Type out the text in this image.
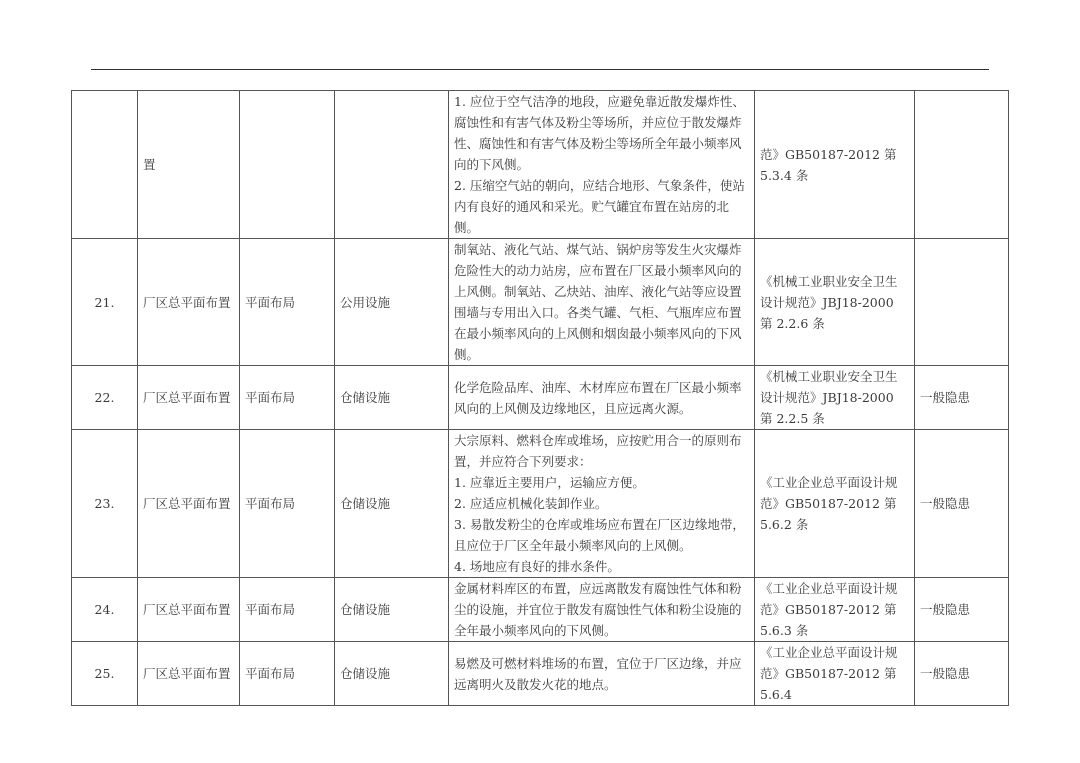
	置			1. 应位于空气洁净的地段，应避免靠近散发爆炸性、腐蚀性和有害气体及粉尘等场所，并应位于散发爆炸性、腐蚀性和有害气体及粉尘等场所全年最小频率风向的下风侧。
2. 压缩空气站的朝向，应结合地形、气象条件，使站内有良好的通风和采光。贮气罐宜布置在站房的北侧。	范》GB50187-2012 第 5.3.4 条	
21.	厂区总平面布置	平面布局	公用设施	制氧站、液化气站、煤气站、锅炉房等发生火灾爆炸危险性大的动力站房，应布置在厂区最小频率风向的上风侧。制氧站、乙炔站、油库、液化气站等应设置围墙与专用出入口。各类气罐、气柜、气瓶库应布置在最小频率风向的上风侧和烟囱最小频率风向的下风侧。	《机械工业职业安全卫生设计规范》JBJ18-2000 第 2.2.6 条	
22.	厂区总平面布置	平面布局	仓储设施	化学危险品库、油库、木材库应布置在厂区最小频率风向的上风侧及边缘地区，且应远离火源。	《机械工业职业安全卫生设计规范》JBJ18-2000 第 2.2.5 条	一般隐患
23.	厂区总平面布置	平面布局	仓储设施	大宗原料、燃料仓库或堆场，应按贮用合一的原则布置，并应符合下列要求：
1. 应靠近主要用户，运输应方便。
2. 应适应机械化装卸作业。
3. 易散发粉尘的仓库或堆场应布置在厂区边缘地带，且应位于厂区全年最小频率风向的上风侧。
4. 场地应有良好的排水条件。	《工业企业总平面设计规范》GB50187-2012 第 5.6.2 条	一般隐患
24.	厂区总平面布置	平面布局	仓储设施	金属材料库区的布置，应远离散发有腐蚀性气体和粉尘的设施，并宜位于散发有腐蚀性气体和粉尘设施的全年最小频率风向的下风侧。	《工业企业总平面设计规范》GB50187-2012 第 5.6.3 条	一般隐患
25.	厂区总平面布置	平面布局	仓储设施	易燃及可燃材料堆场的布置，宜位于厂区边缘，并应远离明火及散发火花的地点。	《工业企业总平面设计规范》GB50187-2012 第 5.6.4	一般隐患
